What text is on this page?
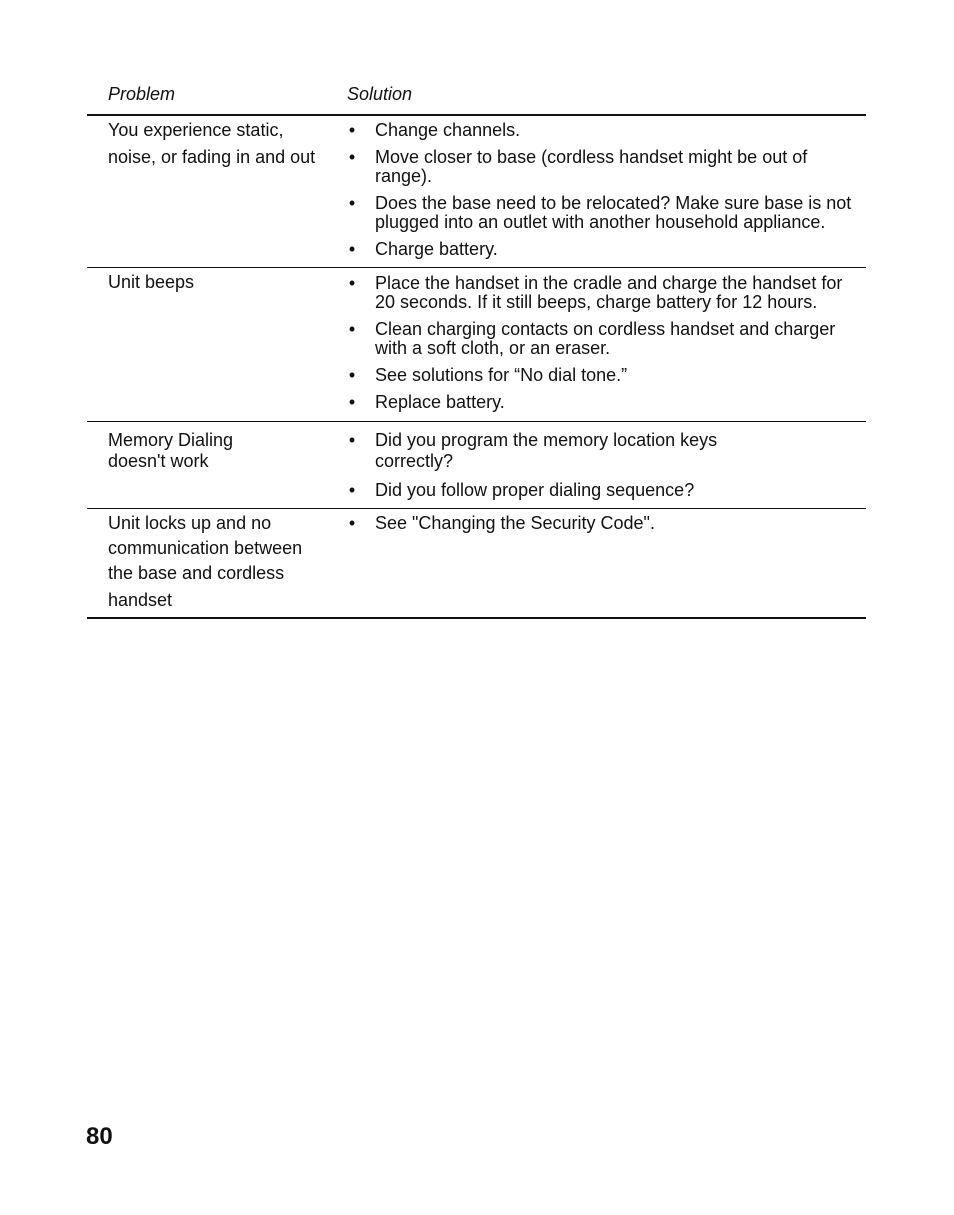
Problem	Solution
You experience static,
noise, or fading in and out
• Change channels.
• Move closer to base (cordless handset might be out of range).
• Does the base need to be relocated? Make sure base is not plugged into an outlet with another household appliance.
• Charge battery.
Unit beeps	• Place the handset in the cradle and charge the handset for 20 seconds. If it still beeps, charge battery for 12 hours.
• Clean charging contacts on cordless handset and charger with a soft cloth, or an eraser.
• See solutions for “No dial tone.”
• Replace battery.
Memory Dialing
doesn't work
• Did you program the memory location keys correctly?
• Did you follow proper dialing sequence?
Unit locks up and no
communication between
the base and cordless
handset
• See "Changing the Security Code".
80
